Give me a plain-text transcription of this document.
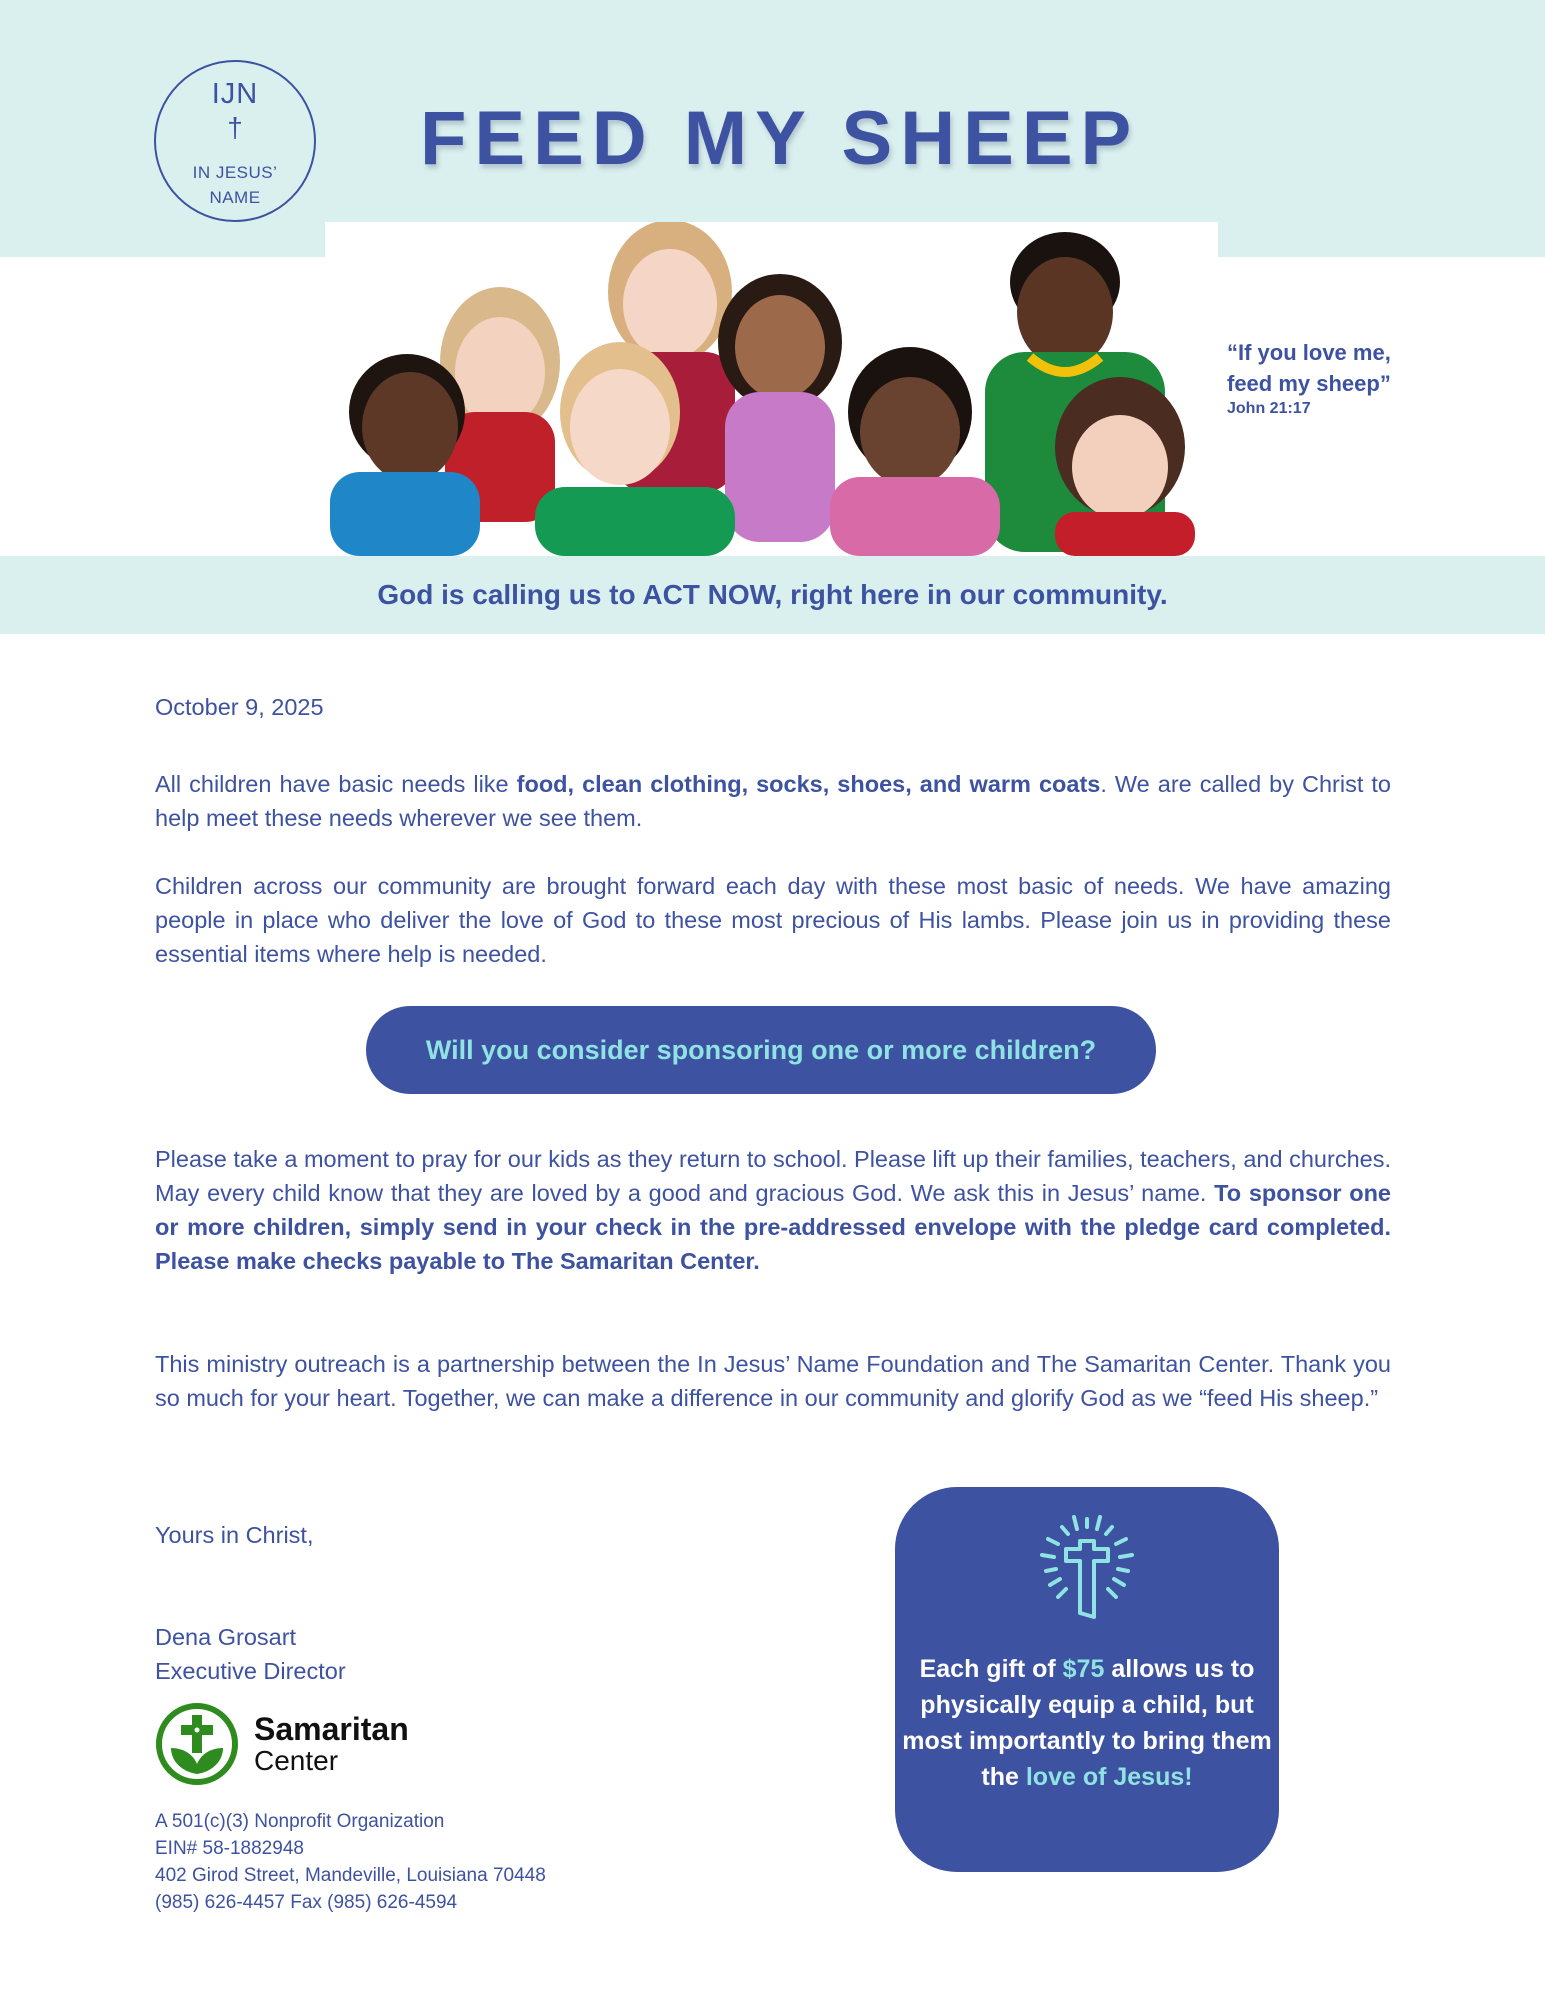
IJN
†
IN JESUS’
NAME
FEED MY SHEEP
“If you love me,
feed my sheep”
John 21:17
God is calling us to ACT NOW, right here in our community.
October 9, 2025

All children have basic needs like food, clean clothing, socks, shoes, and warm coats. We are called by Christ to help meet these needs wherever we see them.

Children across our community are brought forward each day with these most basic of needs. We have amazing people in place who deliver the love of God to these most precious of His lambs. Please join us in providing these essential items where help is needed.

Will you consider sponsoring one or more children?

Please take a moment to pray for our kids as they return to school. Please lift up their families, teachers, and churches. May every child know that they are loved by a good and gracious God. We ask this in Jesus’ name. To sponsor one or more children, simply send in your check in the pre-addressed envelope with the pledge card completed. Please make checks payable to The Samaritan Center.

This ministry outreach is a partnership between the In Jesus’ Name Foundation and The Samaritan Center. Thank you so much for your heart. Together, we can make a difference in our community and glorify God as we “feed His sheep.”

Yours in Christ,
Dena Grosart
Executive Director
Samaritan
Center
A 501(c)(3) Nonprofit Organization
EIN# 58-1882948
402 Girod Street, Mandeville, Louisiana 70448
(985) 626-4457 Fax (985) 626-4594
Each gift of $75 allows us to physically equip a child, but most importantly to bring them the love of Jesus!
